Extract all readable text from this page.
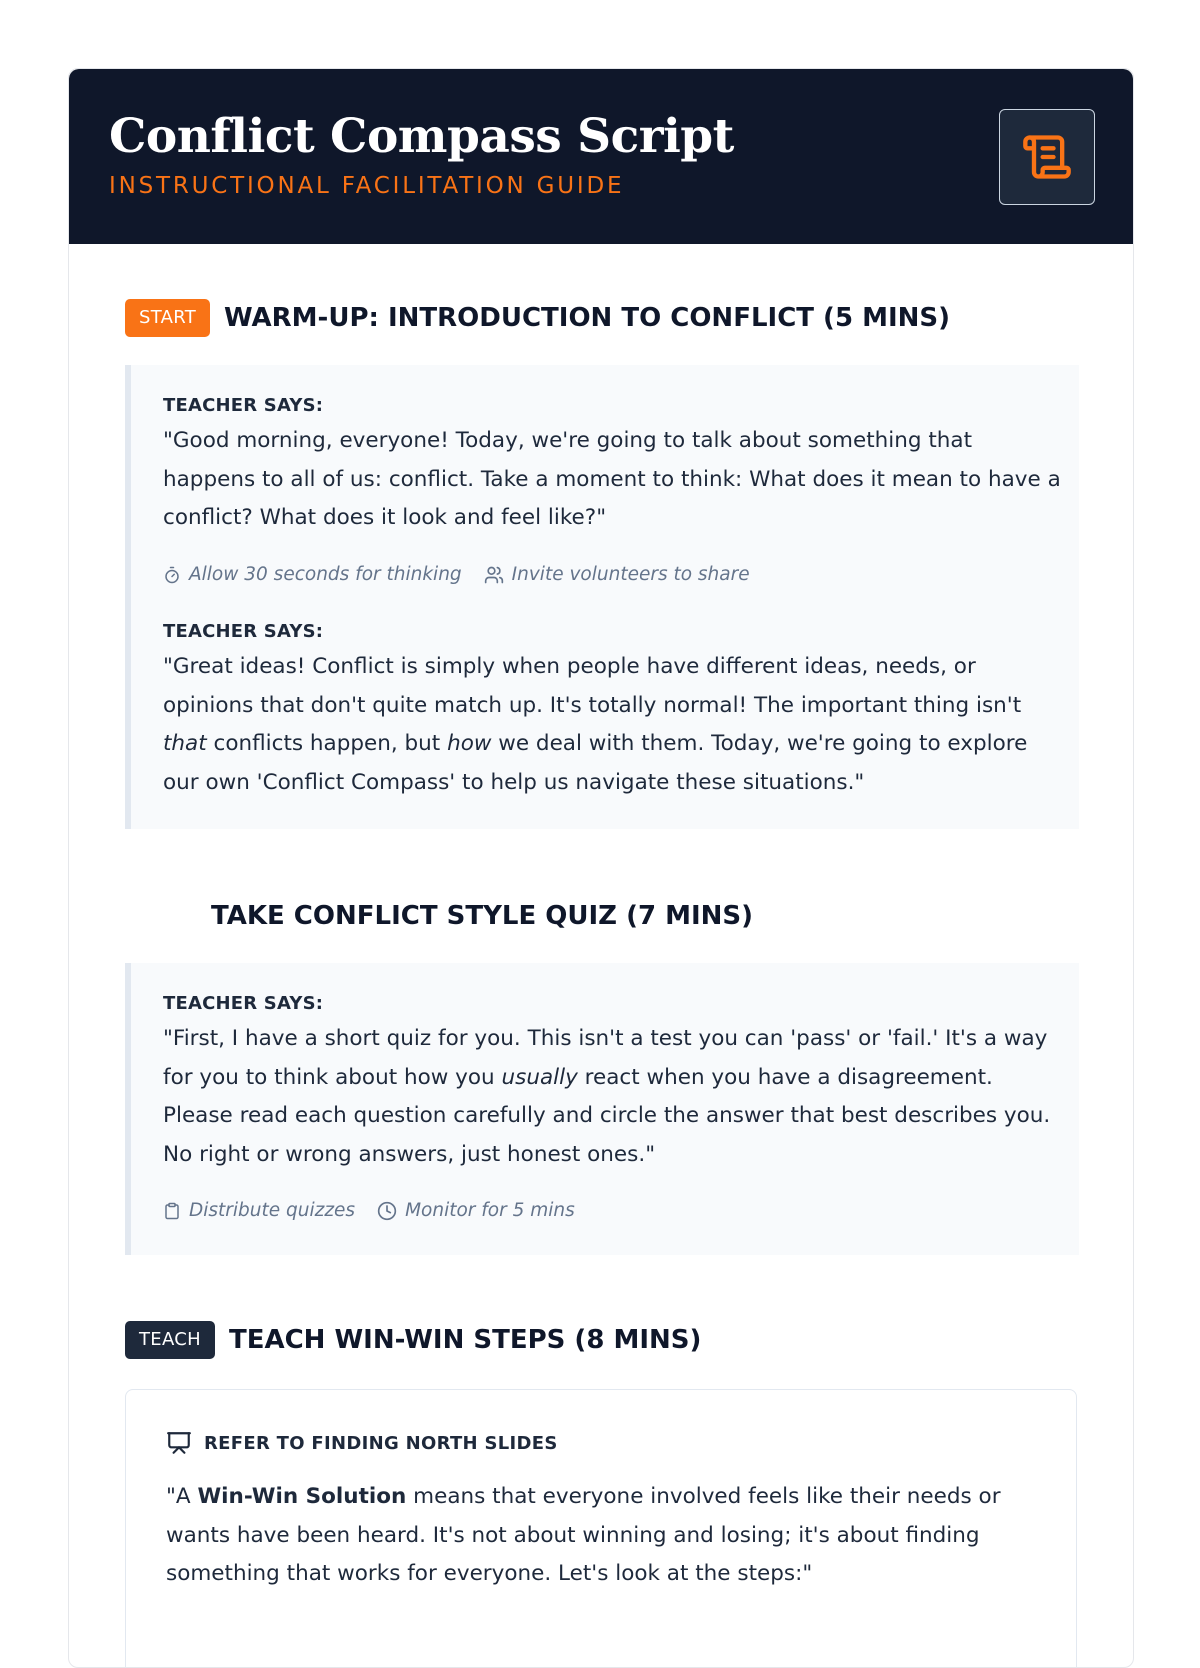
Conflict Compass Script
INSTRUCTIONAL FACILITATION GUIDE
START	WARM-UP: INTRODUCTION TO CONFLICT (5 MINS)
TEACHER SAYS:
"Good morning, everyone! Today, we're going to talk about something that happens to all of us: conflict. Take a moment to think: What does it mean to have a conflict? What does it look and feel like?"
Allow 30 seconds for thinking	Invite volunteers to share
TEACHER SAYS:
"Great ideas! Conflict is simply when people have different ideas, needs, or opinions that don't quite match up. It's totally normal! The important thing isn't that conflicts happen, but how we deal with them. Today, we're going to explore our own 'Conflict Compass' to help us navigate these situations."
TAKE CONFLICT STYLE QUIZ (7 MINS)
TEACHER SAYS:
"First, I have a short quiz for you. This isn't a test you can 'pass' or 'fail.' It's a way for you to think about how you usually react when you have a disagreement. Please read each question carefully and circle the answer that best describes you. No right or wrong answers, just honest ones."
Distribute quizzes	Monitor for 5 mins
TEACH	TEACH WIN-WIN STEPS (8 MINS)
REFER TO FINDING NORTH SLIDES
"A Win-Win Solution means that everyone involved feels like their needs or wants have been heard. It's not about winning and losing; it's about finding something that works for everyone. Let's look at the steps:"
